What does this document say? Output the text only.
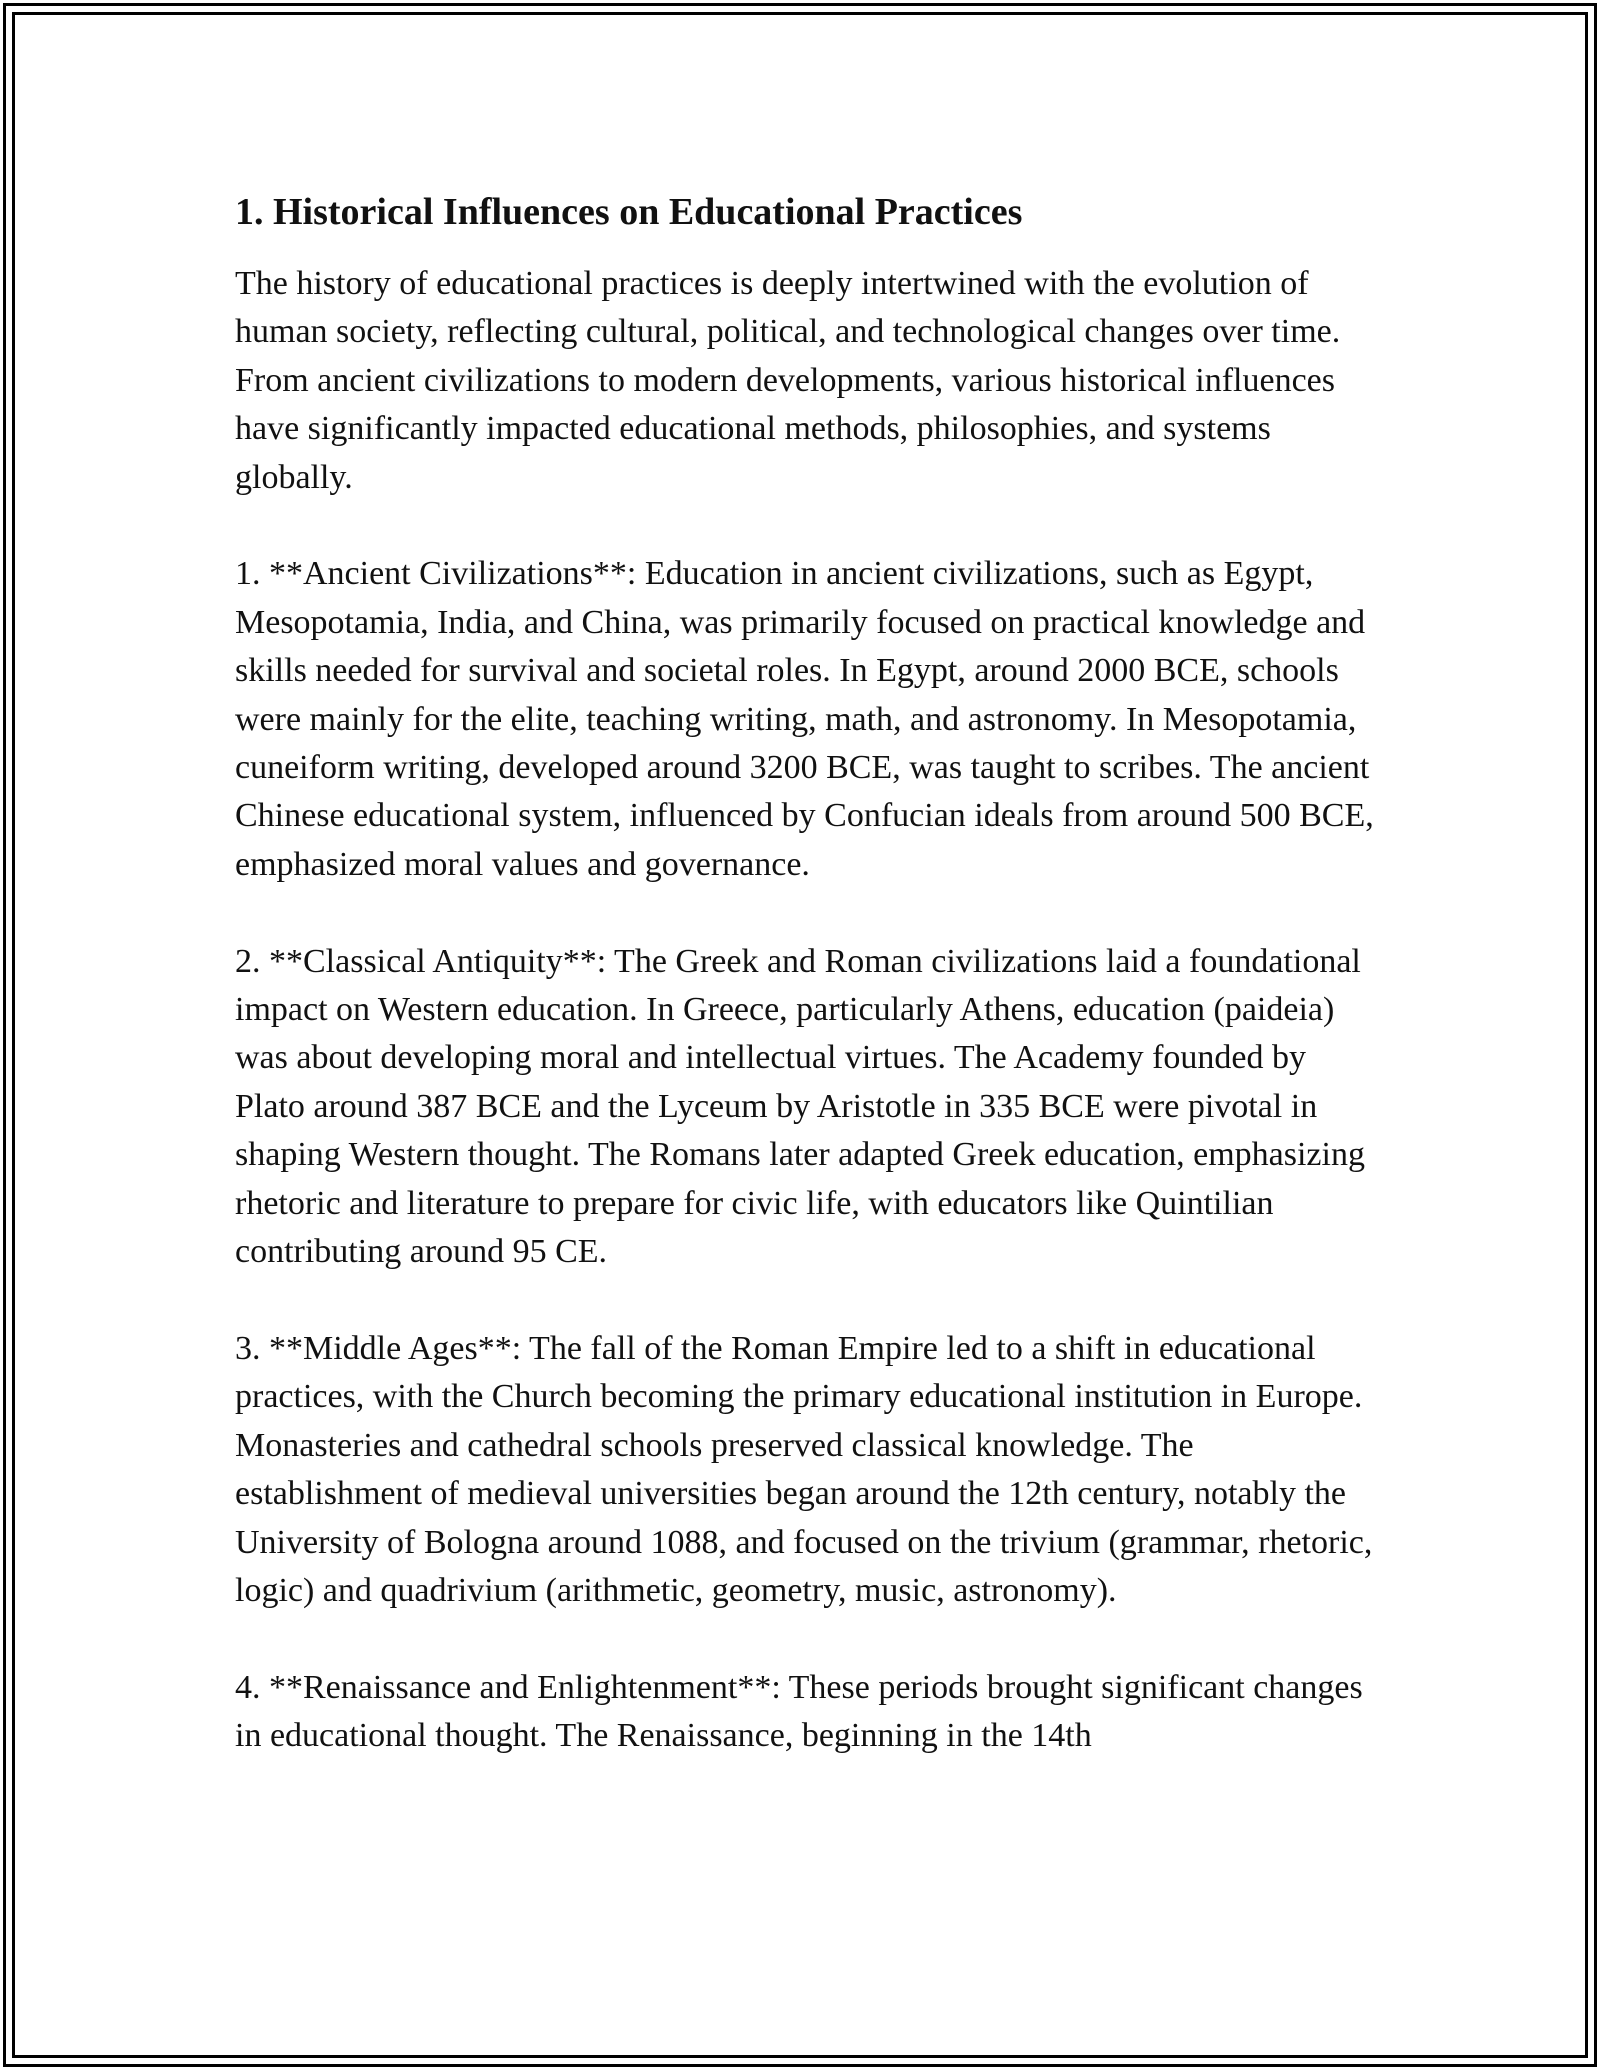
1. Historical Influences on Educational Practices

The history of educational practices is deeply intertwined with the evolution of human society, reflecting cultural, political, and technological changes over time. From ancient civilizations to modern developments, various historical influences have significantly impacted educational methods, philosophies, and systems globally.

1. **Ancient Civilizations**: Education in ancient civilizations, such as Egypt, Mesopotamia, India, and China, was primarily focused on practical knowledge and skills needed for survival and societal roles. In Egypt, around 2000 BCE, schools were mainly for the elite, teaching writing, math, and astronomy. In Mesopotamia, cuneiform writing, developed around 3200 BCE, was taught to scribes. The ancient Chinese educational system, influenced by Confucian ideals from around 500 BCE, emphasized moral values and governance.

2. **Classical Antiquity**: The Greek and Roman civilizations laid a foundational impact on Western education. In Greece, particularly Athens, education (paideia) was about developing moral and intellectual virtues. The Academy founded by Plato around 387 BCE and the Lyceum by Aristotle in 335 BCE were pivotal in shaping Western thought. The Romans later adapted Greek education, emphasizing rhetoric and literature to prepare for civic life, with educators like Quintilian contributing around 95 CE.

3. **Middle Ages**: The fall of the Roman Empire led to a shift in educational practices, with the Church becoming the primary educational institution in Europe. Monasteries and cathedral schools preserved classical knowledge. The establishment of medieval universities began around the 12th century, notably the University of Bologna around 1088, and focused on the trivium (grammar, rhetoric, logic) and quadrivium (arithmetic, geometry, music, astronomy).

4. **Renaissance and Enlightenment**: These periods brought significant changes in educational thought. The Renaissance, beginning in the 14th
